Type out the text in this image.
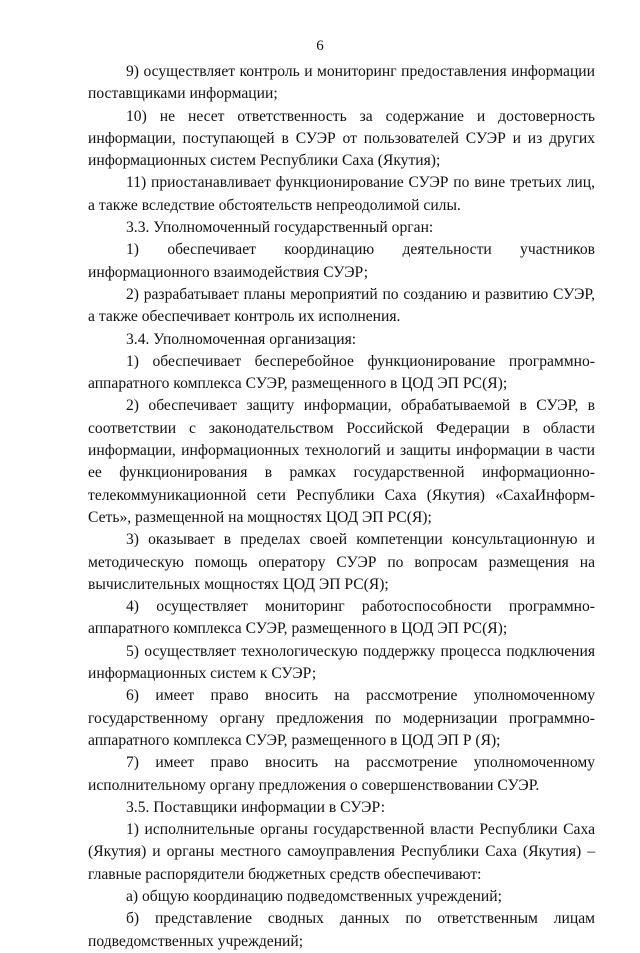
6

9) осуществляет контроль и мониторинг предоставления информации поставщиками информации;

10) не несет ответственность за содержание и достоверность информации, поступающей в СУЭР от пользователей СУЭР и из других информационных систем Республики Саха (Якутия);

11) приостанавливает функционирование СУЭР по вине третьих лиц, а также вследствие обстоятельств непреодолимой силы.

3.3. Уполномоченный государственный орган:

1) обеспечивает координацию деятельности участников информационного взаимодействия СУЭР;

2) разрабатывает планы мероприятий по созданию и развитию СУЭР, а также обеспечивает контроль их исполнения.

3.4. Уполномоченная организация:

1) обеспечивает бесперебойное функционирование программно-аппаратного комплекса СУЭР, размещенного в ЦОД ЭП РС(Я);

2) обеспечивает защиту информации, обрабатываемой в СУЭР, в соответствии с законодательством Российской Федерации в области информации, информационных технологий и защиты информации в части ее функционирования в рамках государственной информационно-телекоммуникационной сети Республики Саха (Якутия) «СахаИнформ-Сеть», размещенной на мощностях ЦОД ЭП РС(Я);

3) оказывает в пределах своей компетенции консультационную и методическую помощь оператору СУЭР по вопросам размещения на вычислительных мощностях ЦОД ЭП РС(Я);

4) осуществляет мониторинг работоспособности программно-аппаратного комплекса СУЭР, размещенного в ЦОД ЭП РС(Я);

5) осуществляет технологическую поддержку процесса подключения информационных систем к СУЭР;

6) имеет право вносить на рассмотрение уполномоченному государственному органу предложения по модернизации программно-аппаратного комплекса СУЭР, размещенного в ЦОД ЭП Р (Я);

7) имеет право вносить на рассмотрение уполномоченному исполнительному органу предложения о совершенствовании СУЭР.

3.5. Поставщики информации в СУЭР:

1) исполнительные органы государственной власти Республики Саха (Якутия) и органы местного самоуправления Республики Саха (Якутия) – главные распорядители бюджетных средств обеспечивают:

а) общую координацию подведомственных учреждений;

б) представление сводных данных по ответственным лицам подведомственных учреждений;
